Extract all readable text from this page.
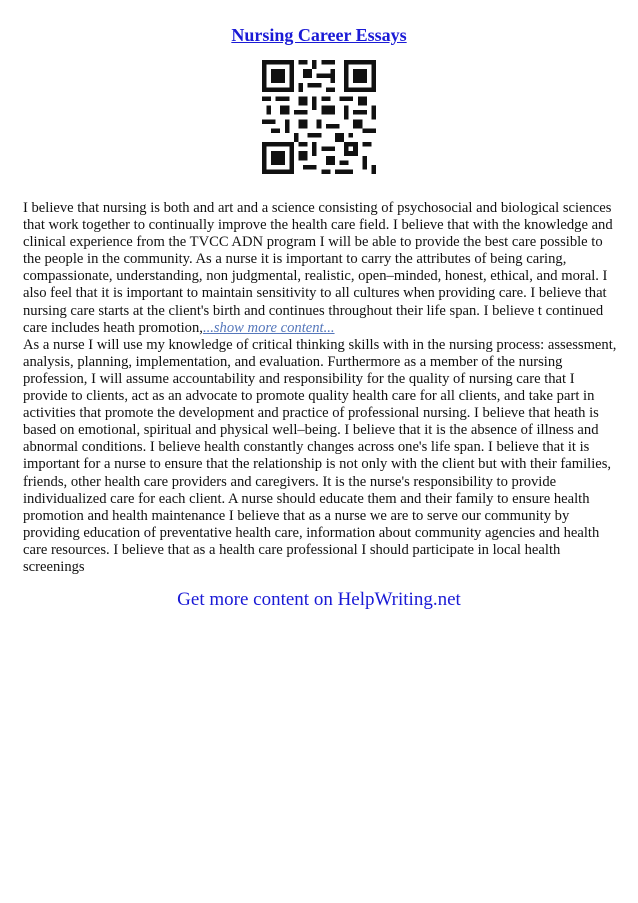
Nursing Career Essays

I believe that nursing is both and art and a science consisting of psychosocial and biological sciences that work together to continually improve the health care field. I believe that with the knowledge and clinical experience from the TVCC ADN program I will be able to provide the best care possible to the people in the community. As a nurse it is important to carry the attributes of being caring, compassionate, understanding, non judgmental, realistic, open–minded, honest, ethical, and moral. I also feel that it is important to maintain sensitivity to all cultures when providing care. I believe that nursing care starts at the client's birth and continues throughout their life span. I believe t continued care includes heath promotion,...show more content...

As a nurse I will use my knowledge of critical thinking skills with in the nursing process: assessment, analysis, planning, implementation, and evaluation. Furthermore as a member of the nursing profession, I will assume accountability and responsibility for the quality of nursing care that I provide to clients, act as an advocate to promote quality health care for all clients, and take part in activities that promote the development and practice of professional nursing. I believe that heath is based on emotional, spiritual and physical well–being. I believe that it is the absence of illness and abnormal conditions. I believe health constantly changes across one's life span. I believe that it is important for a nurse to ensure that the relationship is not only with the client but with their families, friends, other health care providers and caregivers. It is the nurse's responsibility to provide individualized care for each client. A nurse should educate them and their family to ensure health promotion and health maintenance I believe that as a nurse we are to serve our community by providing education of preventative health care, information about community agencies and health care resources. I believe that as a health care professional I should participate in local health screenings

Get more content on HelpWriting.net
